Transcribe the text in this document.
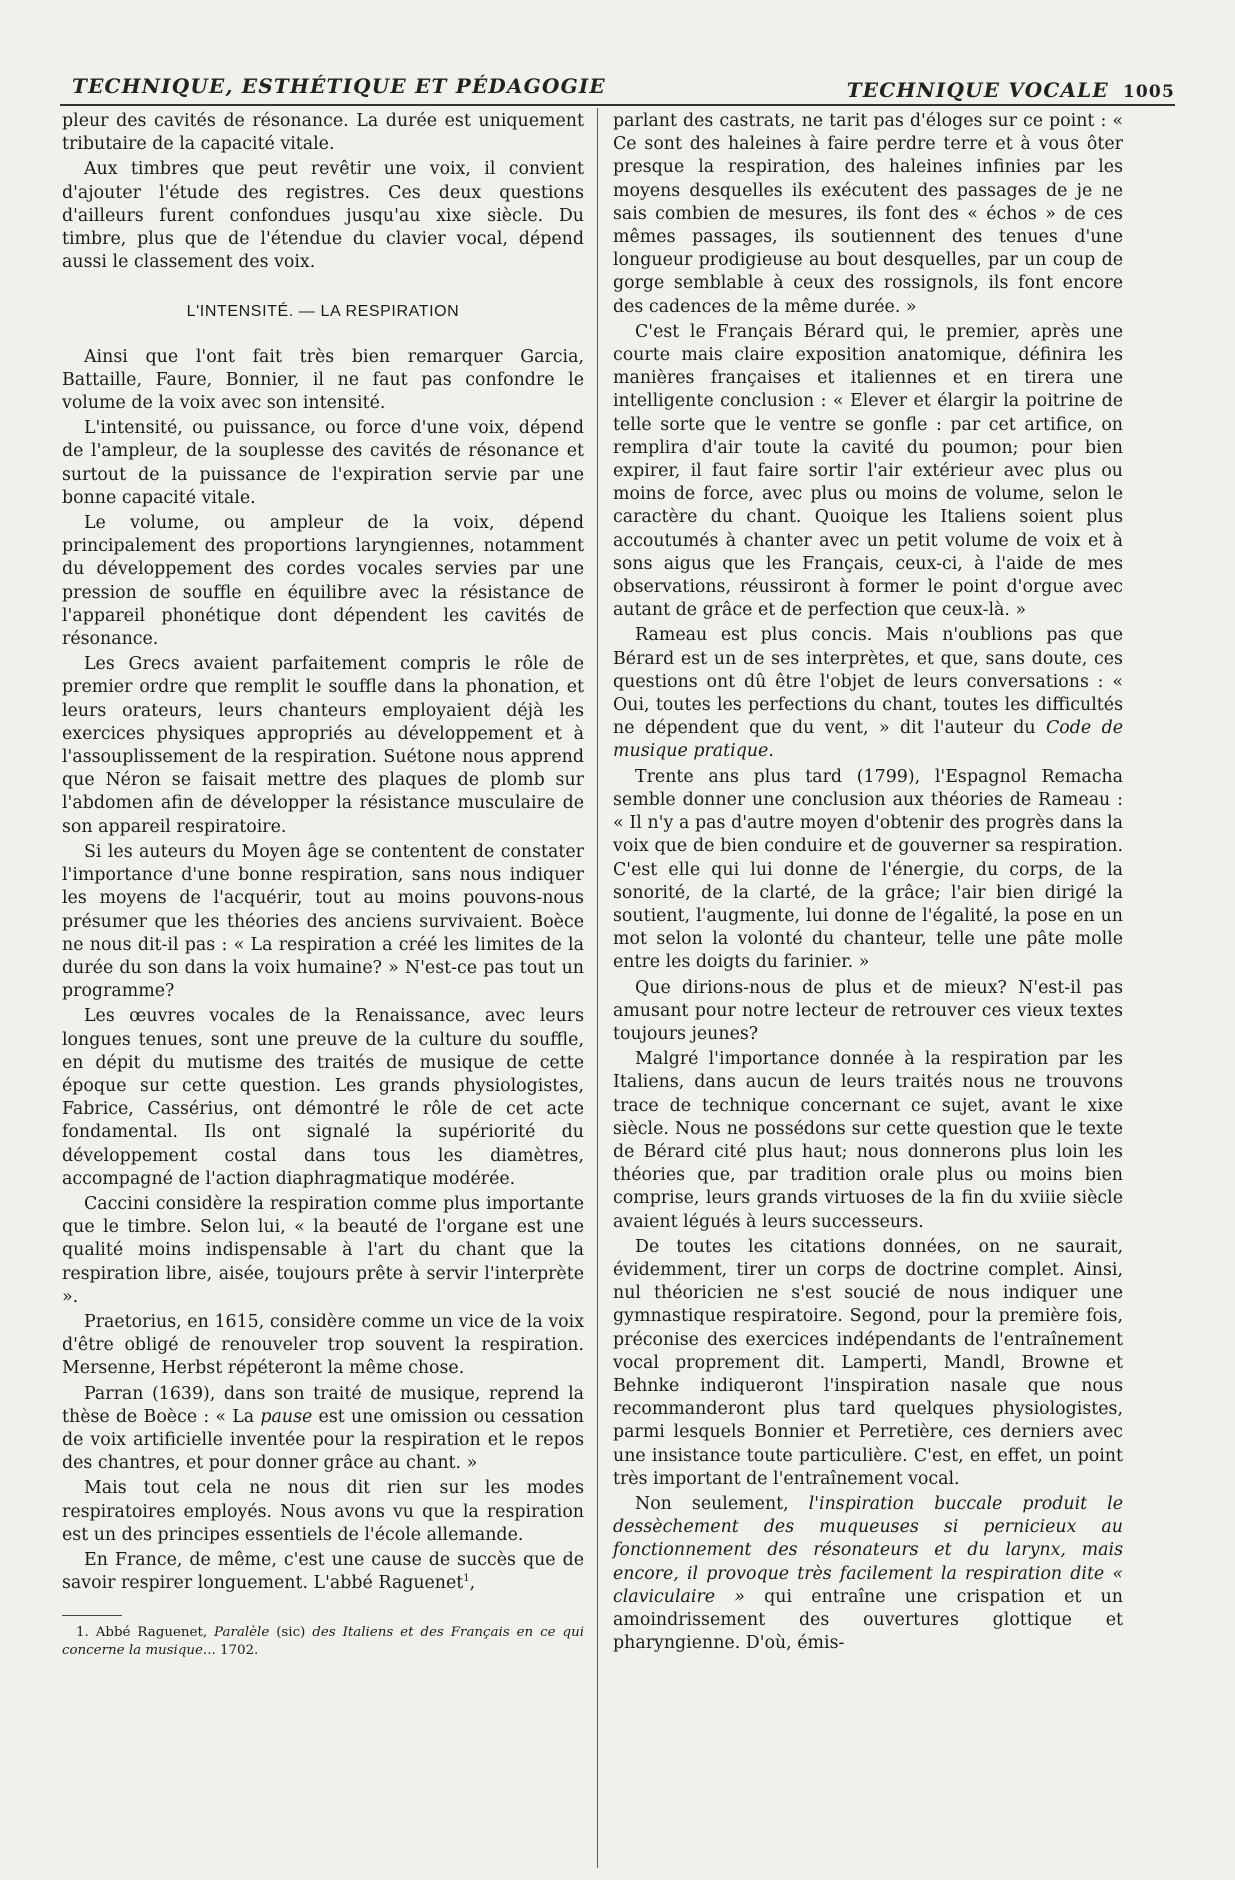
TECHNIQUE, ESTHÉTIQUE ET PÉDAGOGIE	TECHNIQUE VOCALE 1005

pleur des cavités de résonance. La durée est uniquement tributaire de la capacité vitale.

Aux timbres que peut revêtir une voix, il convient d'ajouter l'étude des registres. Ces deux questions d'ailleurs furent confondues jusqu'au xixe siècle. Du timbre, plus que de l'étendue du clavier vocal, dépend aussi le classement des voix.

L'INTENSITÉ. — LA RESPIRATION

Ainsi que l'ont fait très bien remarquer Garcia, Battaille, Faure, Bonnier, il ne faut pas confondre le volume de la voix avec son intensité.

L'intensité, ou puissance, ou force d'une voix, dépend de l'ampleur, de la souplesse des cavités de résonance et surtout de la puissance de l'expiration servie par une bonne capacité vitale.

Le volume, ou ampleur de la voix, dépend principalement des proportions laryngiennes, notamment du développement des cordes vocales servies par une pression de souffle en équilibre avec la résistance de l'appareil phonétique dont dépendent les cavités de résonance.

Les Grecs avaient parfaitement compris le rôle de premier ordre que remplit le souffle dans la phonation, et leurs orateurs, leurs chanteurs employaient déjà les exercices physiques appropriés au développement et à l'assouplissement de la respiration. Suétone nous apprend que Néron se faisait mettre des plaques de plomb sur l'abdomen afin de développer la résistance musculaire de son appareil respiratoire.

Si les auteurs du Moyen âge se contentent de constater l'importance d'une bonne respiration, sans nous indiquer les moyens de l'acquérir, tout au moins pouvons-nous présumer que les théories des anciens survivaient. Boèce ne nous dit-il pas : « La respiration a créé les limites de la durée du son dans la voix humaine? » N'est-ce pas tout un programme?

Les œuvres vocales de la Renaissance, avec leurs longues tenues, sont une preuve de la culture du souffle, en dépit du mutisme des traités de musique de cette époque sur cette question. Les grands physiologistes, Fabrice, Cassérius, ont démontré le rôle de cet acte fondamental. Ils ont signalé la supériorité du développement costal dans tous les diamètres, accompagné de l'action diaphragmatique modérée.

Caccini considère la respiration comme plus importante que le timbre. Selon lui, « la beauté de l'organe est une qualité moins indispensable à l'art du chant que la respiration libre, aisée, toujours prête à servir l'interprète ».

Praetorius, en 1615, considère comme un vice de la voix d'être obligé de renouveler trop souvent la respiration. Mersenne, Herbst répéteront la même chose.

Parran (1639), dans son traité de musique, reprend la thèse de Boèce : « La pause est une omission ou cessation de voix artificielle inventée pour la respiration et le repos des chantres, et pour donner grâce au chant. »

Mais tout cela ne nous dit rien sur les modes respiratoires employés. Nous avons vu que la respiration est un des principes essentiels de l'école allemande.

En France, de même, c'est une cause de succès que de savoir respirer longuement. L'abbé Raguenet$^1$,

1. Abbé Raguenet, Paralèle (sic) des Italiens et des Français en ce qui concerne la musique... 1702.

parlant des castrats, ne tarit pas d'éloges sur ce point : « Ce sont des haleines à faire perdre terre et à vous ôter presque la respiration, des haleines infinies par les moyens desquelles ils exécutent des passages de je ne sais combien de mesures, ils font des « échos » de ces mêmes passages, ils soutiennent des tenues d'une longueur prodigieuse au bout desquelles, par un coup de gorge semblable à ceux des rossignols, ils font encore des cadences de la même durée. »

C'est le Français Bérard qui, le premier, après une courte mais claire exposition anatomique, définira les manières françaises et italiennes et en tirera une intelligente conclusion : « Elever et élargir la poitrine de telle sorte que le ventre se gonfle : par cet artifice, on remplira d'air toute la cavité du poumon; pour bien expirer, il faut faire sortir l'air extérieur avec plus ou moins de force, avec plus ou moins de volume, selon le caractère du chant. Quoique les Italiens soient plus accoutumés à chanter avec un petit volume de voix et à sons aigus que les Français, ceux-ci, à l'aide de mes observations, réussiront à former le point d'orgue avec autant de grâce et de perfection que ceux-là. »

Rameau est plus concis. Mais n'oublions pas que Bérard est un de ses interprètes, et que, sans doute, ces questions ont dû être l'objet de leurs conversations : « Oui, toutes les perfections du chant, toutes les difficultés ne dépendent que du vent, » dit l'auteur du Code de musique pratique.

Trente ans plus tard (1799), l'Espagnol Remacha semble donner une conclusion aux théories de Rameau : « Il n'y a pas d'autre moyen d'obtenir des progrès dans la voix que de bien conduire et de gouverner sa respiration. C'est elle qui lui donne de l'énergie, du corps, de la sonorité, de la clarté, de la grâce; l'air bien dirigé la soutient, l'augmente, lui donne de l'égalité, la pose en un mot selon la volonté du chanteur, telle une pâte molle entre les doigts du farinier. »

Que dirions-nous de plus et de mieux? N'est-il pas amusant pour notre lecteur de retrouver ces vieux textes toujours jeunes?

Malgré l'importance donnée à la respiration par les Italiens, dans aucun de leurs traités nous ne trouvons trace de technique concernant ce sujet, avant le xixe siècle. Nous ne possédons sur cette question que le texte de Bérard cité plus haut; nous donnerons plus loin les théories que, par tradition orale plus ou moins bien comprise, leurs grands virtuoses de la fin du xviiie siècle avaient légués à leurs successeurs.

De toutes les citations données, on ne saurait, évidemment, tirer un corps de doctrine complet. Ainsi, nul théoricien ne s'est soucié de nous indiquer une gymnastique respiratoire. Segond, pour la première fois, préconise des exercices indépendants de l'entraînement vocal proprement dit. Lamperti, Mandl, Browne et Behnke indiqueront l'inspiration nasale que nous recommanderont plus tard quelques physiologistes, parmi lesquels Bonnier et Perretière, ces derniers avec une insistance toute particulière. C'est, en effet, un point très important de l'entraînement vocal.

Non seulement, l'inspiration buccale produit le dessèchement des muqueuses si pernicieux au fonctionnement des résonateurs et du larynx, mais encore, il provoque très facilement la respiration dite « claviculaire » qui entraîne une crispation et un amoindrissement des ouvertures glottique et pharyngienne. D'où, émis-
